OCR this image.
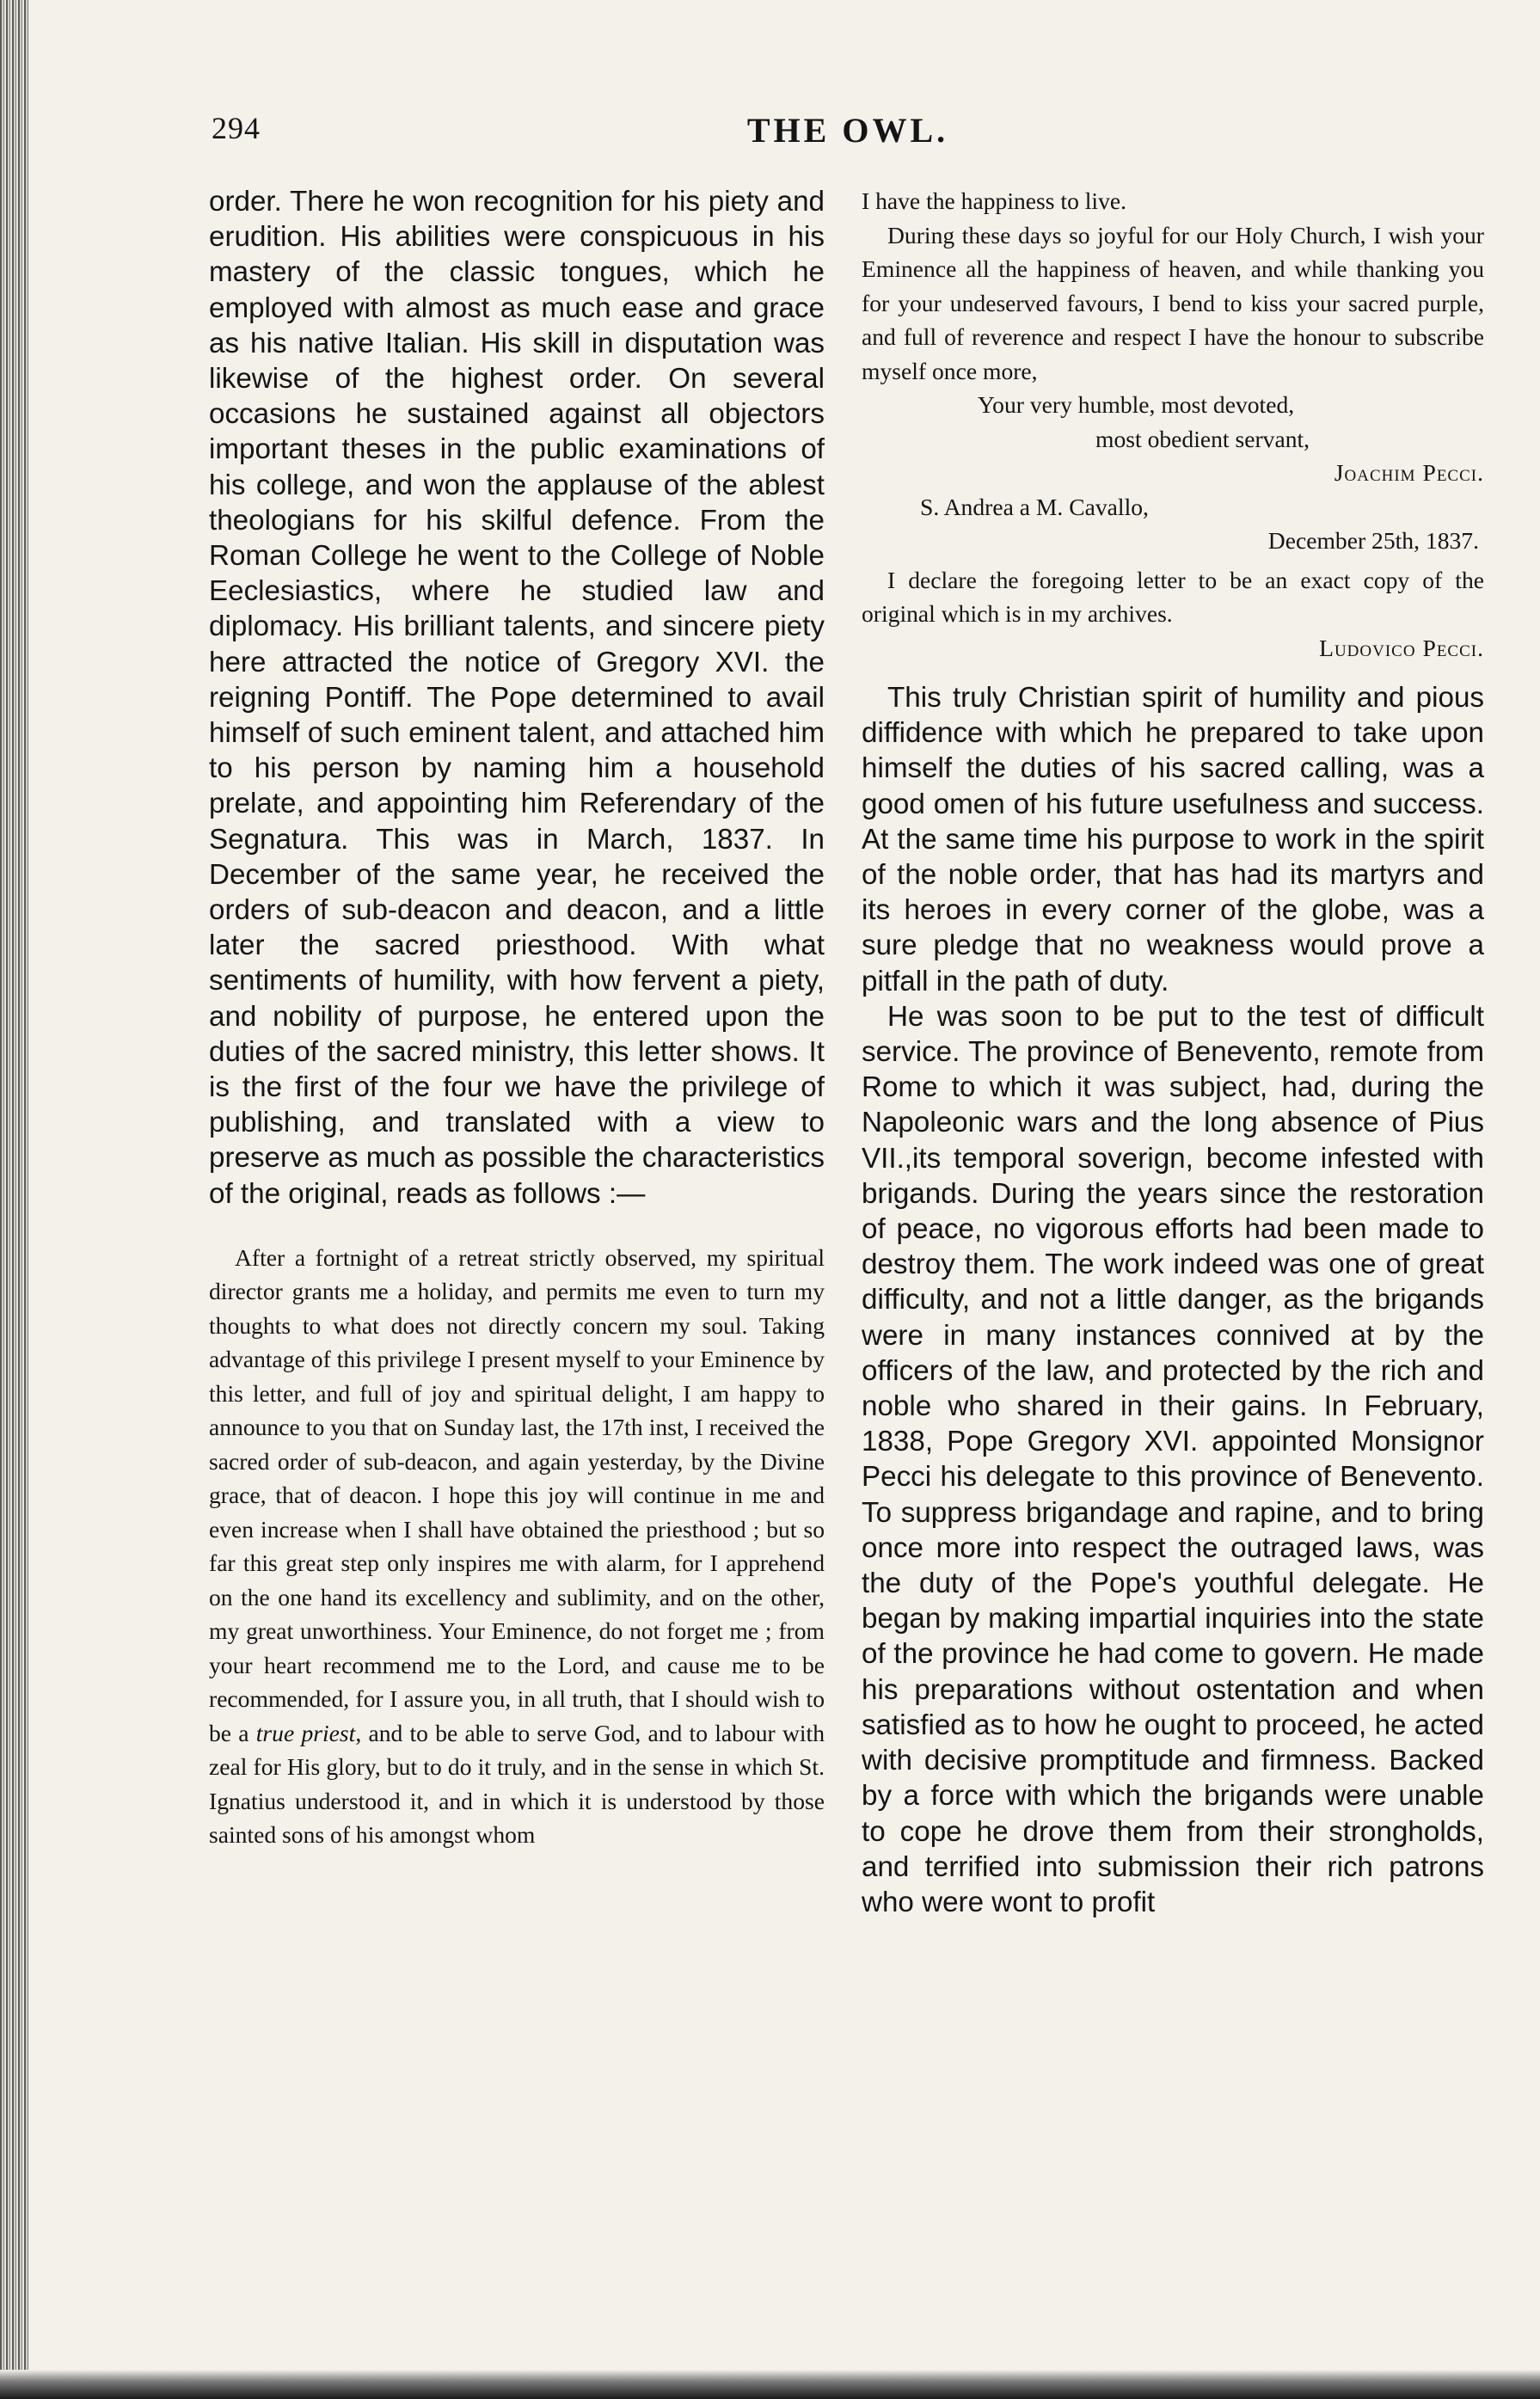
294	THE OWL.

order. There he won recognition for his piety and erudition. His abilities were conspicuous in his mastery of the classic tongues, which he employed with almost as much ease and grace as his native Italian. His skill in disputation was likewise of the highest order. On several occasions he sustained against all objectors important theses in the public examinations of his college, and won the applause of the ablest theologians for his skilful defence. From the Roman College he went to the College of Noble Eeclesiastics, where he studied law and diplomacy. His brilliant talents, and sincere piety here attracted the notice of Gregory XVI. the reigning Pontiff. The Pope determined to avail himself of such eminent talent, and attached him to his person by naming him a household prelate, and appointing him Referendary of the Segnatura. This was in March, 1837. In December of the same year, he received the orders of sub-deacon and deacon, and a little later the sacred priesthood. With what sentiments of humility, with how fervent a piety, and nobility of purpose, he entered upon the duties of the sacred ministry, this letter shows. It is the first of the four we have the privilege of publishing, and translated with a view to preserve as much as possible the characteristics of the original, reads as follows :—

After a fortnight of a retreat strictly observed, my spiritual director grants me a holiday, and permits me even to turn my thoughts to what does not directly concern my soul. Taking advantage of this privilege I present myself to your Eminence by this letter, and full of joy and spiritual delight, I am happy to announce to you that on Sunday last, the 17th inst, I received the sacred order of sub-deacon, and again yesterday, by the Divine grace, that of deacon. I hope this joy will continue in me and even increase when I shall have obtained the priesthood ; but so far this great step only inspires me with alarm, for I apprehend on the one hand its excellency and sublimity, and on the other, my great unworthiness. Your Eminence, do not forget me ; from your heart recommend me to the Lord, and cause me to be recommended, for I assure you, in all truth, that I should wish to be a true priest, and to be able to serve God, and to labour with zeal for His glory, but to do it truly, and in the sense in which St. Ignatius understood it, and in which it is understood by those sainted sons of his amongst whom

I have the happiness to live.

During these days so joyful for our Holy Church, I wish your Eminence all the happiness of heaven, and while thanking you for your undeserved favours, I bend to kiss your sacred purple, and full of reverence and respect I have the honour to subscribe myself once more,

Your very humble, most devoted,

most obedient servant,

Joachim Pecci.

S. Andrea a M. Cavallo,

December 25th, 1837.

I declare the foregoing letter to be an exact copy of the original which is in my archives.

Ludovico Pecci.

This truly Christian spirit of humility and pious diffidence with which he prepared to take upon himself the duties of his sacred calling, was a good omen of his future usefulness and success. At the same time his purpose to work in the spirit of the noble order, that has had its martyrs and its heroes in every corner of the globe, was a sure pledge that no weakness would prove a pitfall in the path of duty.

He was soon to be put to the test of difficult service. The province of Benevento, remote from Rome to which it was subject, had, during the Napoleonic wars and the long absence of Pius VII.,its temporal soverign, become infested with brigands. During the years since the restoration of peace, no vigorous efforts had been made to destroy them. The work indeed was one of great difficulty, and not a little danger, as the brigands were in many instances connived at by the officers of the law, and protected by the rich and noble who shared in their gains. In February, 1838, Pope Gregory XVI. appointed Monsignor Pecci his delegate to this province of Benevento. To suppress brigandage and rapine, and to bring once more into respect the outraged laws, was the duty of the Pope's youthful delegate. He began by making impartial inquiries into the state of the province he had come to govern. He made his preparations without ostentation and when satisfied as to how he ought to proceed, he acted with decisive promptitude and firmness. Backed by a force with which the brigands were unable to cope he drove them from their strongholds, and terrified into submission their rich patrons who were wont to profit
